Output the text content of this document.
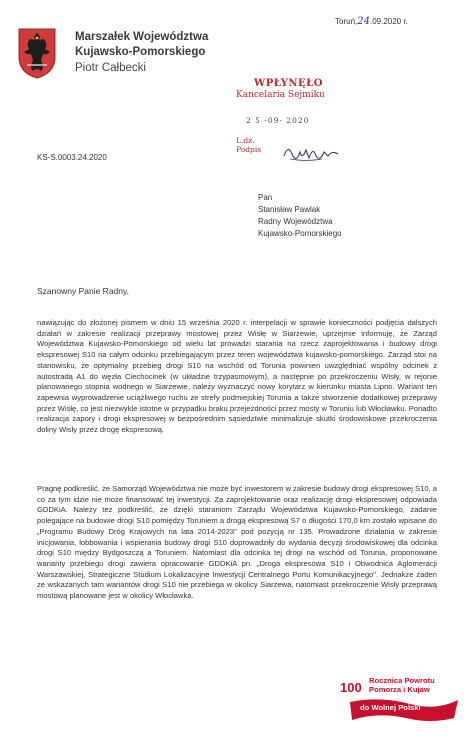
Marszałek Województwa
Kujawsko-Pomorskiego
Piotr Całbecki
Toruń,24.09.2020 r.
WPŁYNĘŁO
Kancelaria Sejmiku
2 5 -09- 2020
L.dz.
Podpis
KS-S.0003.24.2020
Pan
Stanisław Pawlak
Radny Województwa
Kujawsko-Pomorskiego
Szanowny Panie Radny,
nawiązując do złożonej pismem w dniu 15 września 2020 r. interpelacji w sprawie konieczności podjęcia dalszych działań w zakresie realizacji przeprawy mostowej przez Wisłę w Siarzewie, uprzejmie informuję, że Zarząd Województwa Kujawsko-Pomorskiego od wielu lat prowadzi starania na rzecz zaprojektowania i budowy drogi ekspresowej S10 na całym odcinku przebiegającym przez teren województwa kujawsko-pomorskiego. Zarząd stoi na stanowisku, że optymalny przebieg drogi S10 na wschód od Torunia powinien uwzględniać wspólny odcinek z autostradą A1 do węzła Ciechocinek (w układzie trzypasmowym), a następnie po przekroczeniu Wisły, w rejonie planowanego stopnia wodnego w Siarzewie, należy wyznaczyć nowy korytarz w kierunku miasta Lipno. Wariant ten zapewnia wyprowadzenie uciążliwego ruchu ze strefy podmiejskiej Torunia a także stworzenie dodatkowej przeprawy przez Wisłę, co jest niezwykle istotne w przypadku braku przejezdności przez mosty w Toruniu lub Włocławku. Ponadto realizacja zapory i drogi ekspresowej w bezpośrednim sąsiedztwie minimalizuje skutki środowiskowe przekroczenia doliny Wisły przez drogę ekspresową.
Pragnę podkreślić, że Samorząd Województwa nie może być inwestorem w zakresie budowy drogi ekspresowej S10, a co za tym idzie nie może finansować tej inwestycji. Za zaprojektowanie oraz realizację drogi ekspresowej odpowiada GDDKiA. Należy tez podkreślić, że dzięki staraniom Zarządu Województwa Kujawsko-Pomorskiego, zadanie polegające na budowie drogi S10 pomiędzy Toruniem a drogą ekspresową S7 o długości 170,0 km zostało wpisane do „Programu Budowy Dróg Krajowych na lata 2014-2023" pod pozycją nr 135. Prowadzone działania w zakresie inicjowania, lobbowania i wspierania budowy drogi S10 doprowadziły do wydania decyzji środowiskowej dla odcinka drogi S10 między Bydgoszczą a Toruniem. Natomiast dla odcinka tej drogi na wschód od Torunia, proponowane warianty przebiegu drogi zawiera opracowanie GDDKiA pn. „Droga ekspresowa S10 i Obwodnica Aglomeracji Warszawskiej, Strategiczne Studium Lokalizacyjne Inwestycji Centralnego Portu Komunikacyjnego". Jednakże żaden ze wskazanych tam wariantów drogi S10 nie przebiega w okolicy Siarzewa, natomiast przekroczenie Wisły przeprawą mostową planowane jest w okolicy Włocławka.
100 Rocznica Powrotu
Pomorza i Kujaw
do Wolnej Polski
